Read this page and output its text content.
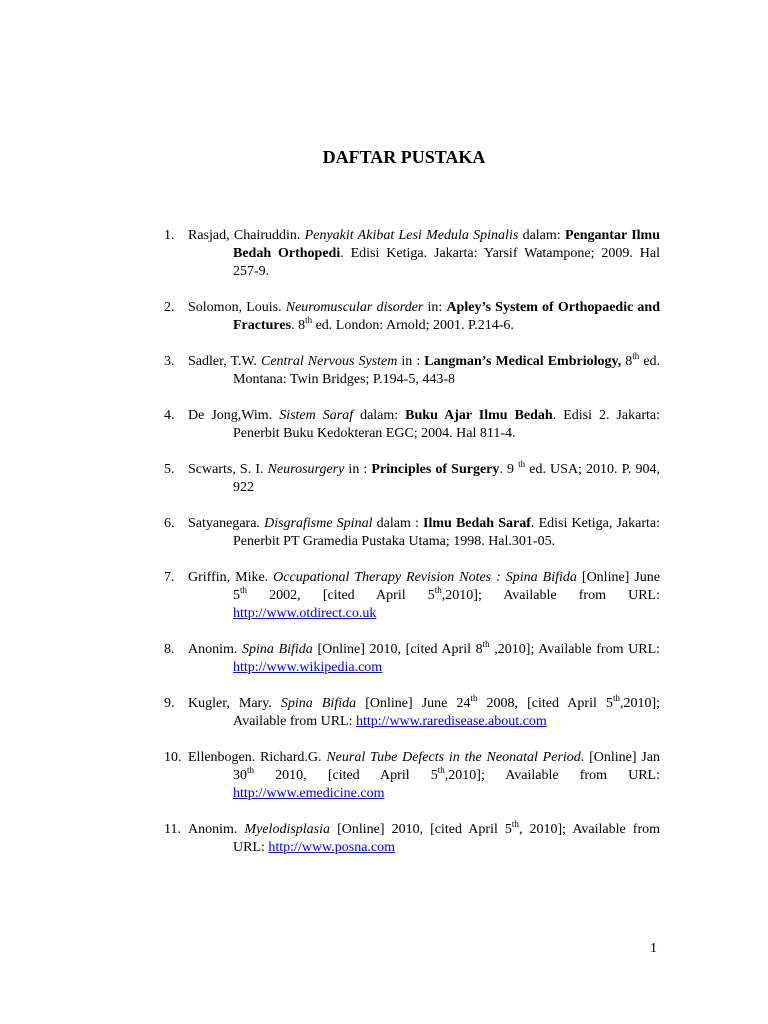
DAFTAR PUSTAKA
1. Rasjad, Chairuddin. Penyakit Akibat Lesi Medula Spinalis dalam: Pengantar Ilmu Bedah Orthopedi. Edisi Ketiga. Jakarta: Yarsif Watampone; 2009. Hal 257-9.
2. Solomon, Louis. Neuromuscular disorder in: Apley’s System of Orthopaedic and Fractures. 8th ed. London: Arnold; 2001. P.214-6.
3. Sadler, T.W. Central Nervous System in : Langman’s Medical Embriology, 8th ed. Montana: Twin Bridges; P.194-5, 443-8
4. De Jong,Wim. Sistem Saraf dalam: Buku Ajar Ilmu Bedah. Edisi 2. Jakarta: Penerbit Buku Kedokteran EGC; 2004. Hal 811-4.
5. Scwarts, S. I. Neurosurgery in : Principles of Surgery. 9 $^{th}$ ed. USA; 2010. P. 904, 922
6. Satyanegara. Disgrafisme Spinal dalam : Ilmu Bedah Saraf. Edisi Ketiga, Jakarta: Penerbit PT Gramedia Pustaka Utama; 1998. Hal.301-05.
7. Griffin, Mike. Occupational Therapy Revision Notes : Spina Bifida [Online] June 5th 2002, [cited April 5th,2010]; Available from URL: http://www.otdirect.co.uk
8. Anonim. Spina Bifida [Online] 2010, [cited April 8th ,2010]; Available from URL: http://www.wikipedia.com
9. Kugler, Mary. Spina Bifida [Online] June 24th 2008, [cited April 5th,2010]; Available from URL: http://www.raredisease.about.com
10. Ellenbogen. Richard.G. Neural Tube Defects in the Neonatal Period. [Online] Jan 30th 2010, [cited April 5th,2010]; Available from URL: http://www.emedicine.com
11. Anonim. Myelodisplasia [Online] 2010, [cited April 5th, 2010]; Available from URL: http://www.posna.com
1
